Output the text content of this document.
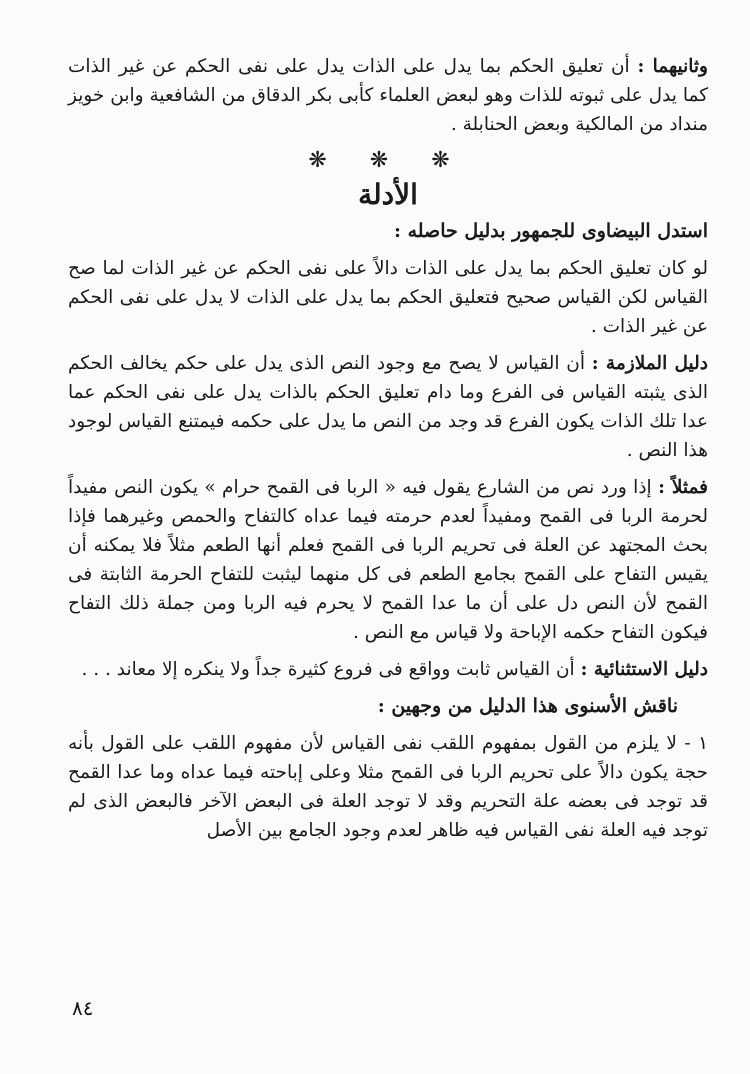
وثانيهما : أن تعليق الحكم بما يدل على الذات يدل على نفى الحكم عن غير الذات كما يدل على ثبوته للذات وهو لبعض العلماء كأبى بكر الدقاق من الشافعية وابن خويز منداد من المالكية وبعض الحنابلة .

❋ ❋ ❋
الأدلة

استدل البيضاوى للجمهور بدليل حاصله :

لو كان تعليق الحكم بما يدل على الذات دالاً على نفى الحكم عن غير الذات لما صح القياس لكن القياس صحيح فتعليق الحكم بما يدل على الذات لا يدل على نفى الحكم عن غير الذات .

دليل الملازمة : أن القياس لا يصح مع وجود النص الذى يدل على حكم يخالف الحكم الذى يثبته القياس فى الفرع وما دام تعليق الحكم بالذات يدل على نفى الحكم عما عدا تلك الذات يكون الفرع قد وجد من النص ما يدل على حكمه فيمتنع القياس لوجود هذا النص .

فمثلاً : إذا ورد نص من الشارع يقول فيه « الربا فى القمح حرام » يكون النص مفيداً لحرمة الربا فى القمح ومفيداً لعدم حرمته فيما عداه كالتفاح والحمص وغيرهما فإذا بحث المجتهد عن العلة فى تحريم الربا فى القمح فعلم أنها الطعم مثلاً فلا يمكنه أن يقيس التفاح على القمح بجامع الطعم فى كل منهما ليثبت للتفاح الحرمة الثابتة فى القمح لأن النص دل على أن ما عدا القمح لا يحرم فيه الربا ومن جملة ذلك التفاح فيكون التفاح حكمه الإباحة ولا قياس مع النص .

دليل الاستثنائية : أن القياس ثابت وواقع فى فروع كثيرة جداً ولا ينكره إلا معاند . . .

ناقش الأسنوى هذا الدليل من وجهين :

١ - لا يلزم من القول بمفهوم اللقب نفى القياس لأن مفهوم اللقب على القول بأنه حجة يكون دالاً على تحريم الربا فى القمح مثلا وعلى إباحته فيما عداه وما عدا القمح قد توجد فى بعضه علة التحريم وقد لا توجد العلة فى البعض الآخر فالبعض الذى لم توجد فيه العلة نفى القياس فيه ظاهر لعدم وجود الجامع بين الأصل

٨٤
